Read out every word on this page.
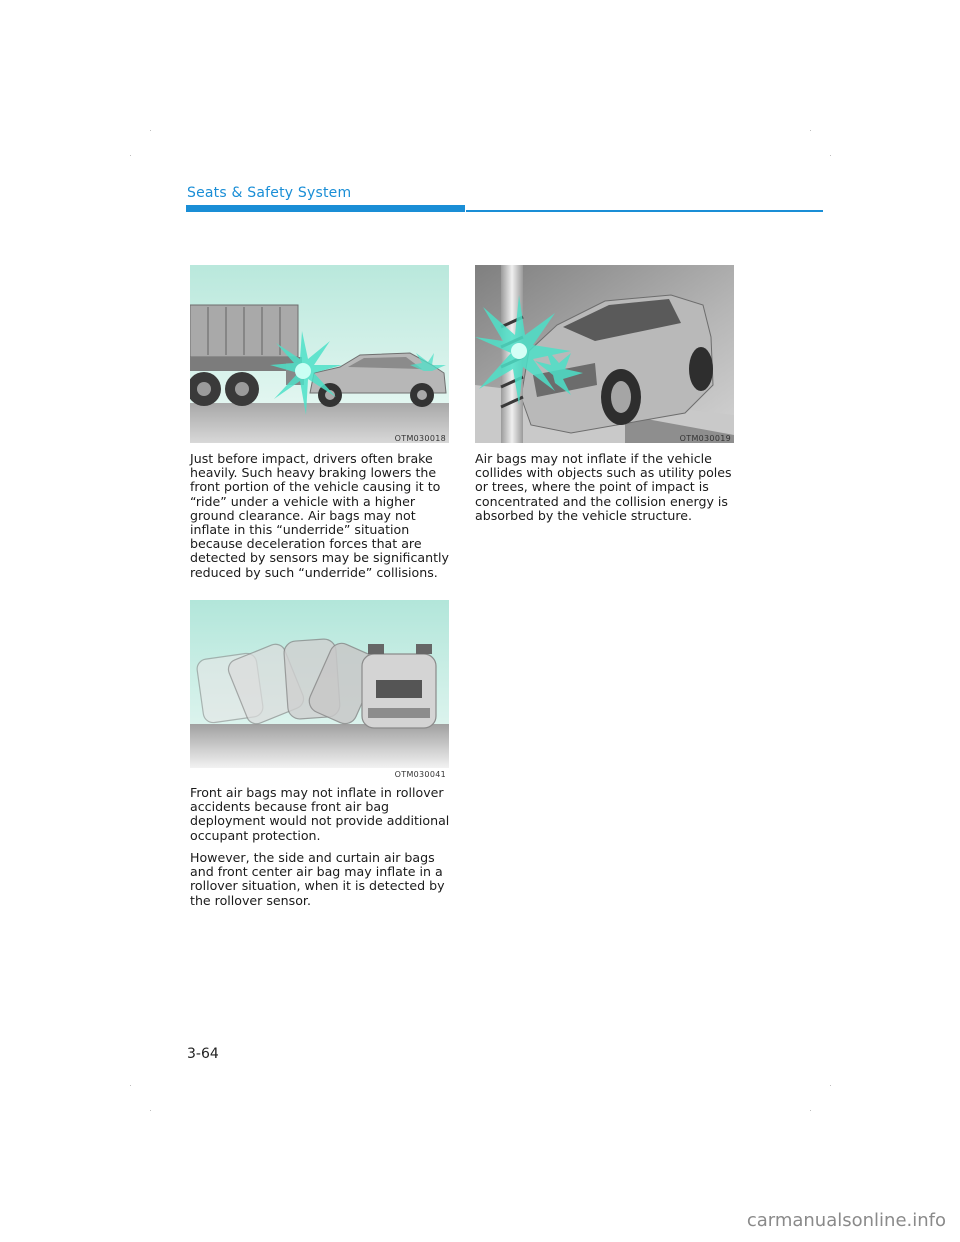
Seats & Safety System
OTM030018	OTM030019
OTM030041

Just before impact, drivers often brake heavily. Such heavy braking lowers the front portion of the vehicle causing it to “ride” under a vehicle with a higher ground clearance. Air bags may not inflate in this “underride” situation because deceleration forces that are detected by sensors may be significantly reduced by such “underride” collisions.

Air bags may not inflate if the vehicle collides with objects such as utility poles or trees, where the point of impact is concentrated and the collision energy is absorbed by the vehicle structure.

Front air bags may not inflate in rollover accidents because front air bag deployment would not provide additional occupant protection.

However, the side and curtain air bags and front center air bag may inflate in a rollover situation, when it is detected by the rollover sensor.

3-64
carmanualsonline.info
